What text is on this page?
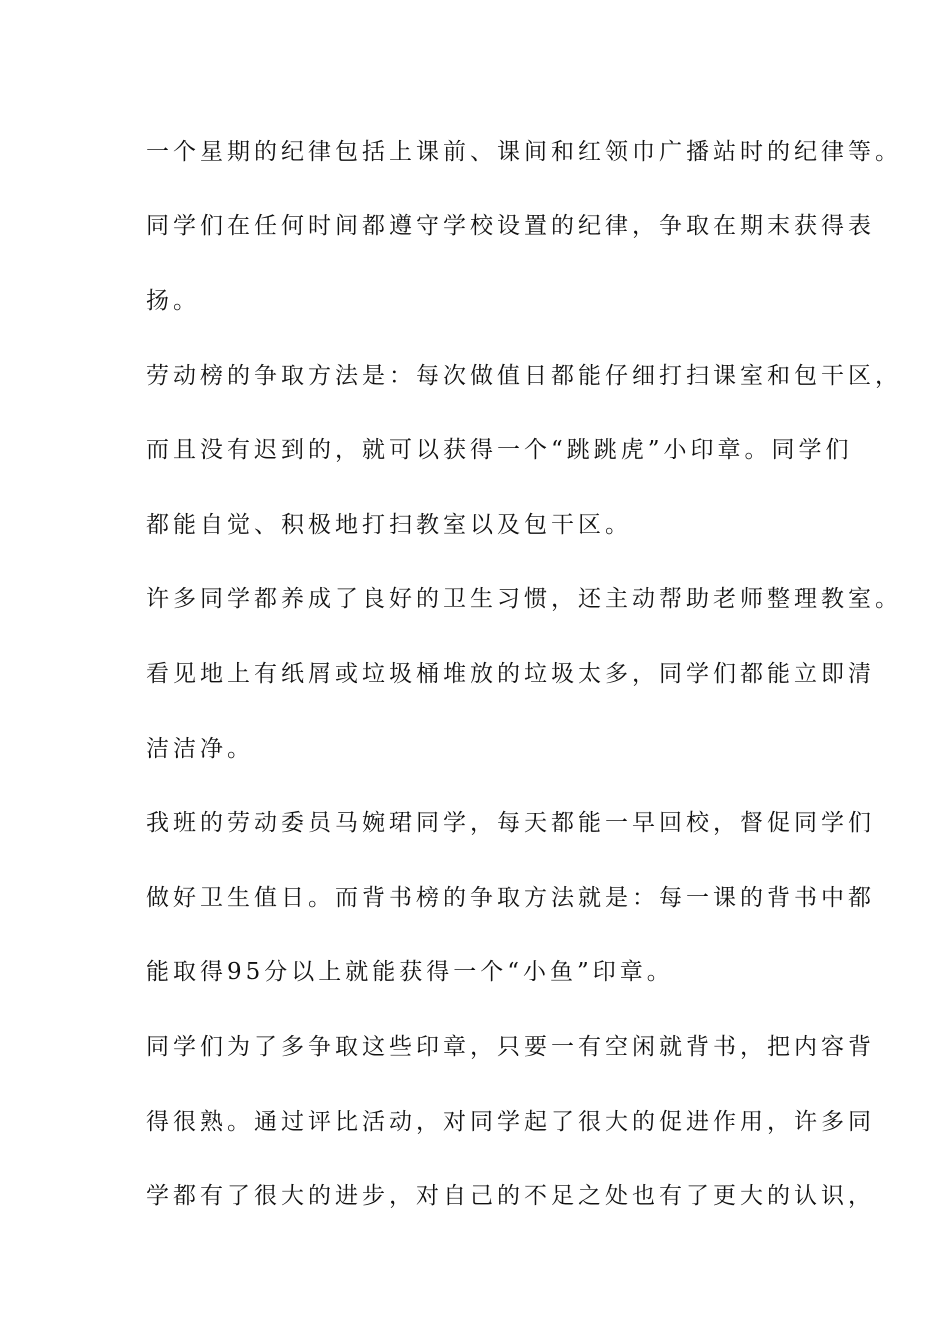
一个星期的纪律包括上课前、课间和红领巾广播站时的纪律等。
同学们在任何时间都遵守学校设置的纪律，争取在期末获得表
扬。
劳动榜的争取方法是：每次做值日都能仔细打扫课室和包干区，
而且没有迟到的，就可以获得一个“跳跳虎”小印章。同学们
都能自觉、积极地打扫教室以及包干区。
许多同学都养成了良好的卫生习惯，还主动帮助老师整理教室。
看见地上有纸屑或垃圾桶堆放的垃圾太多，同学们都能立即清
洁洁净。
我班的劳动委员马婉珺同学，每天都能一早回校，督促同学们
做好卫生值日。而背书榜的争取方法就是：每一课的背书中都
能取得95分以上就能获得一个“小鱼”印章。
同学们为了多争取这些印章，只要一有空闲就背书，把内容背
得很熟。通过评比活动，对同学起了很大的促进作用，许多同
学都有了很大的进步，对自己的不足之处也有了更大的认识，
